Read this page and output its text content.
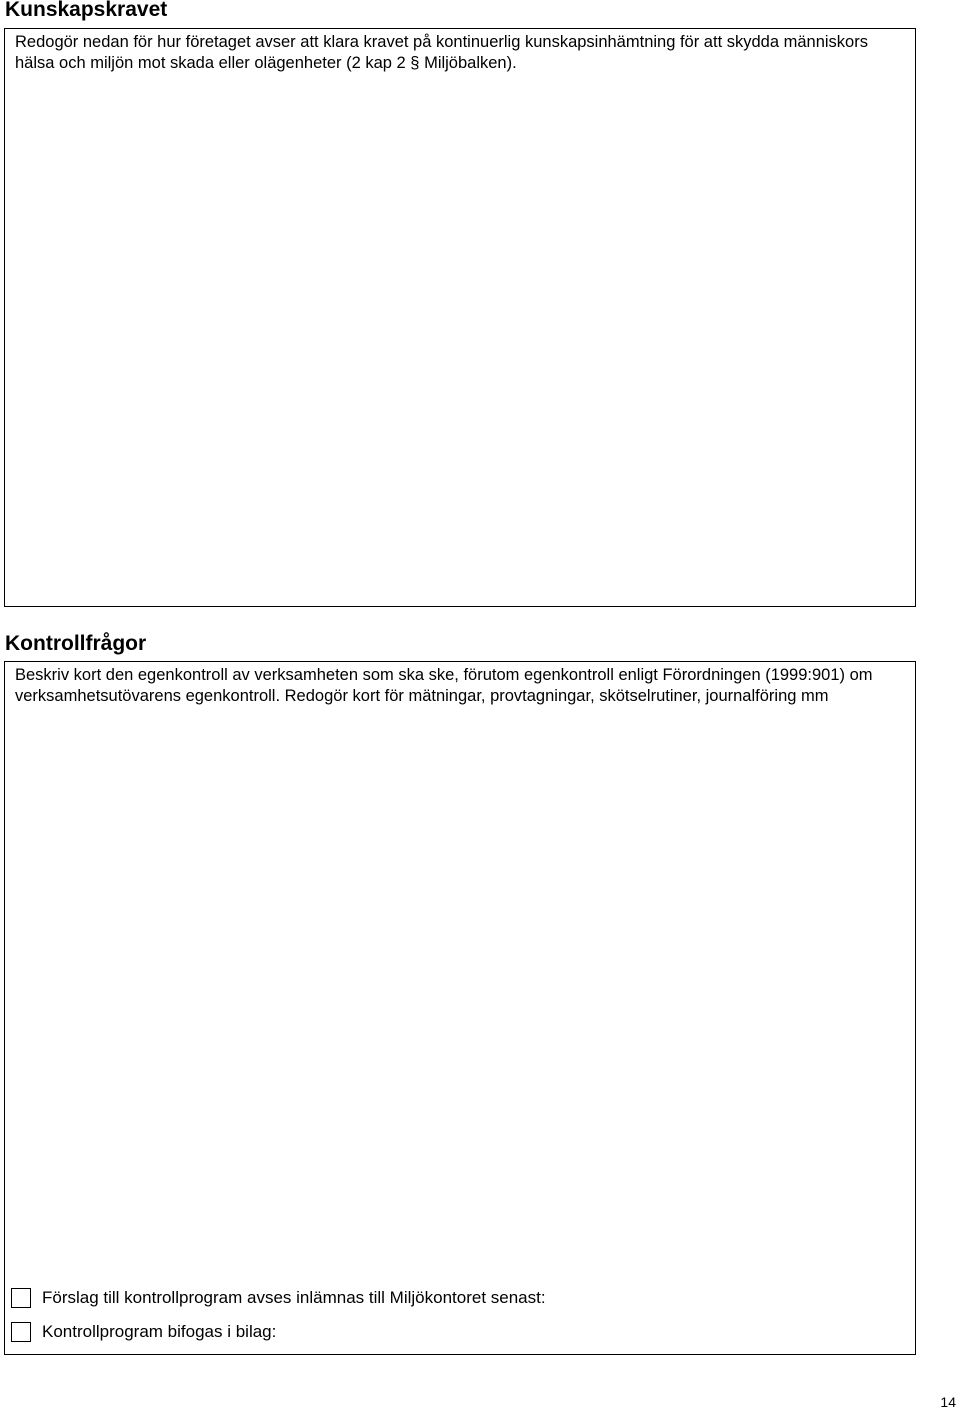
Kunskapskravet

Redogör nedan för hur företaget avser att klara kravet på kontinuerlig kunskapsinhämtning för att skydda människors hälsa och miljön mot skada eller olägenheter (2 kap 2 § Miljöbalken).

Kontrollfrågor

Beskriv kort den egenkontroll av verksamheten som ska ske, förutom egenkontroll enligt Förordningen (1999:901) om verksamhetsutövarens egenkontroll. Redogör kort för mätningar, provtagningar, skötselrutiner, journalföring mm

Förslag till kontrollprogram avses inlämnas till Miljökontoret senast:
Kontrollprogram bifogas i bilag:
14
